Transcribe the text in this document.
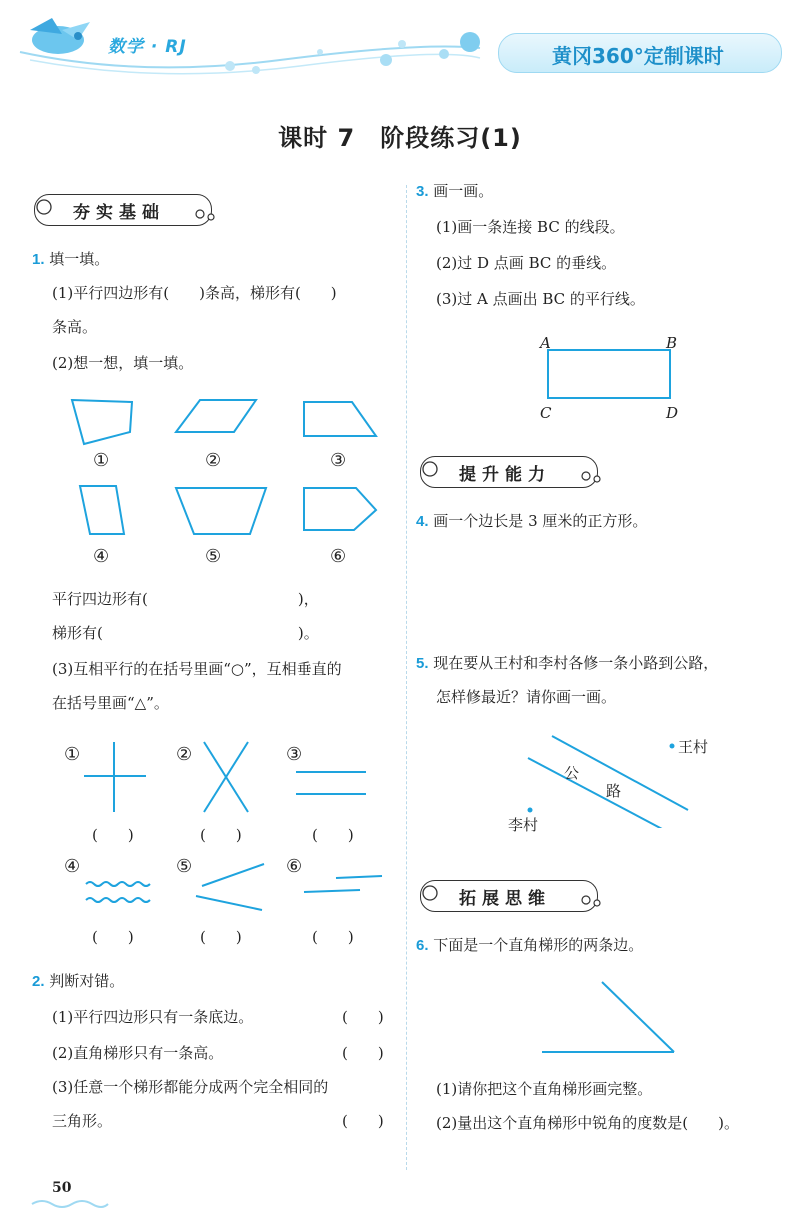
数学 · RJ	黄冈360°定制课时
课时 7　阶段练习(1)
夯实基础
1. 填一填。
(1)平行四边形有(　　)条高，梯形有(　　)
条高。
(2)想一想，填一填。
①	②	③
④	⑤	⑥
平行四边形有(　　　　　　　　　　)，
梯形有(　　　　　　　　　　　　　)。
(3)互相平行的在括号里画“○”，互相垂直的
在括号里画“△”。
①	②	③
④	⑤	⑥
(　　)	(　　)	(　　)
(　　)	(　　)	(　　)
2. 判断对错。
(1)平行四边形只有一条底边。	(　　)
(2)直角梯形只有一条高。	(　　)
(3)任意一个梯形都能分成两个完全相同的
三角形。	(　　)
3. 画一画。
(1)画一条连接 BC 的线段。
(2)过 D 点画 BC 的垂线。
(3)过 A 点画出 BC 的平行线。
A	B
C	D
提升能力
4. 画一个边长是 3 厘米的正方形。
5. 现在要从王村和李村各修一条小路到公路，
怎样修最近？请你画一画。
王村
李村
公
路
拓展思维
6. 下面是一个直角梯形的两条边。
(1)请你把这个直角梯形画完整。
(2)量出这个直角梯形中锐角的度数是(　　)。
50
